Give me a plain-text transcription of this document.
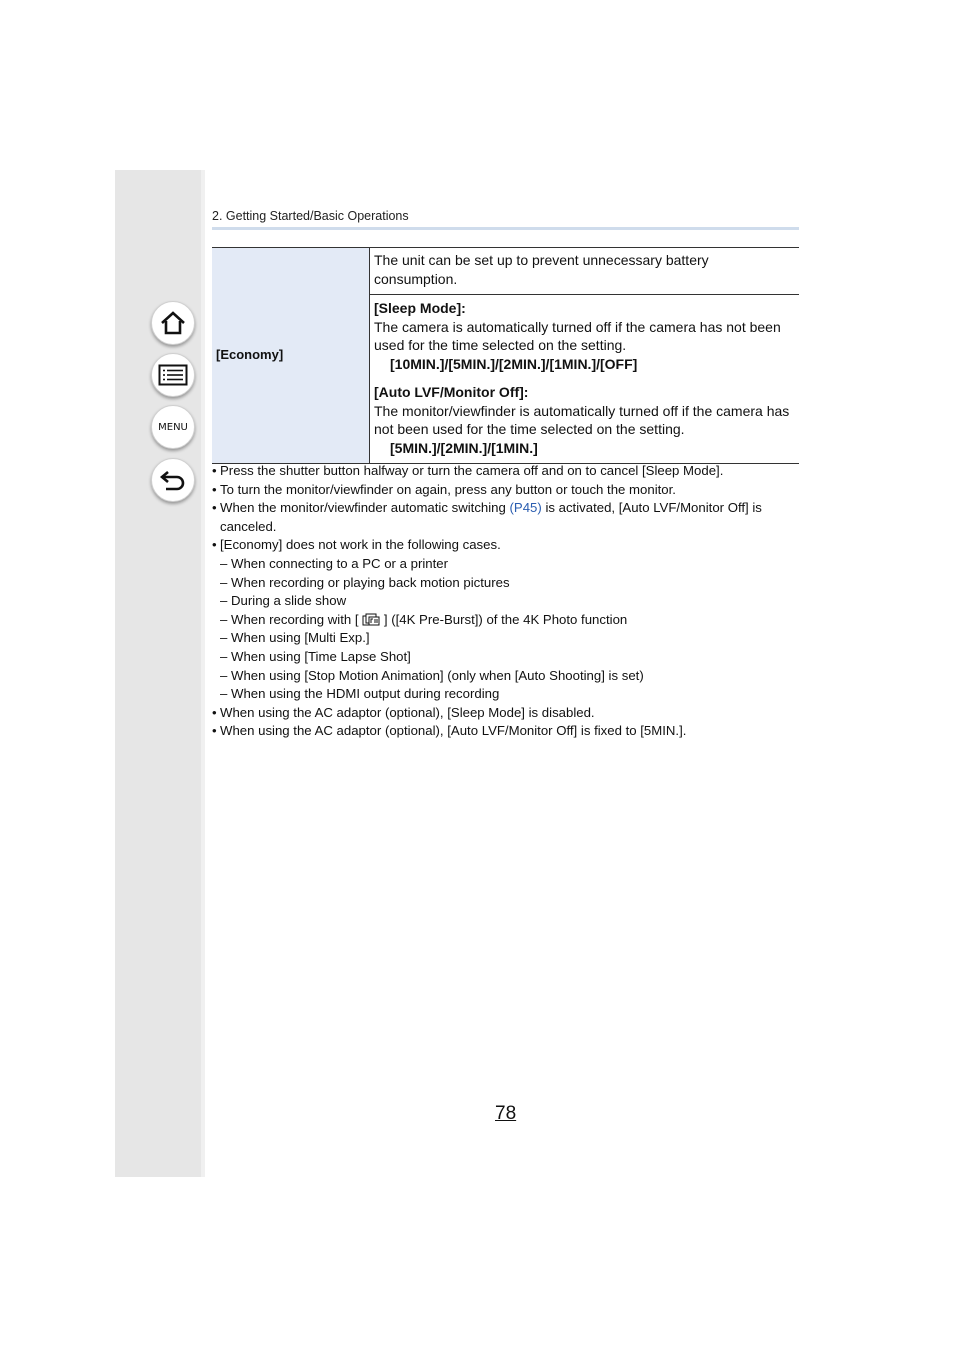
MENU
2. Getting Started/Basic Operations
[Economy]	The unit can be set up to prevent unnecessary battery consumption.

[Sleep Mode]:
The camera is automatically turned off if the camera has not been used for the time selected on the setting.
[10MIN.]/[5MIN.]/[2MIN.]/[1MIN.]/[OFF]
[Auto LVF/Monitor Off]:
The monitor/viewfinder is automatically turned off if the camera has not been used for the time selected on the setting.
[5MIN.]/[2MIN.]/[1MIN.]
• Press the shutter button halfway or turn the camera off and on to cancel [Sleep Mode].
• To turn the monitor/viewfinder on again, press any button or touch the monitor.
• When the monitor/viewfinder automatic switching (P45) is activated, [Auto LVF/Monitor Off] is canceled.
• [Economy] does not work in the following cases.
– When connecting to a PC or a printer
– When recording or playing back motion pictures
– During a slide show
– When recording with [  ] ([4K Pre-Burst]) of the 4K Photo function
– When using [Multi Exp.]
– When using [Time Lapse Shot]
– When using [Stop Motion Animation] (only when [Auto Shooting] is set)
– When using the HDMI output during recording
• When using the AC adaptor (optional), [Sleep Mode] is disabled.
• When using the AC adaptor (optional), [Auto LVF/Monitor Off] is fixed to [5MIN.].
78
